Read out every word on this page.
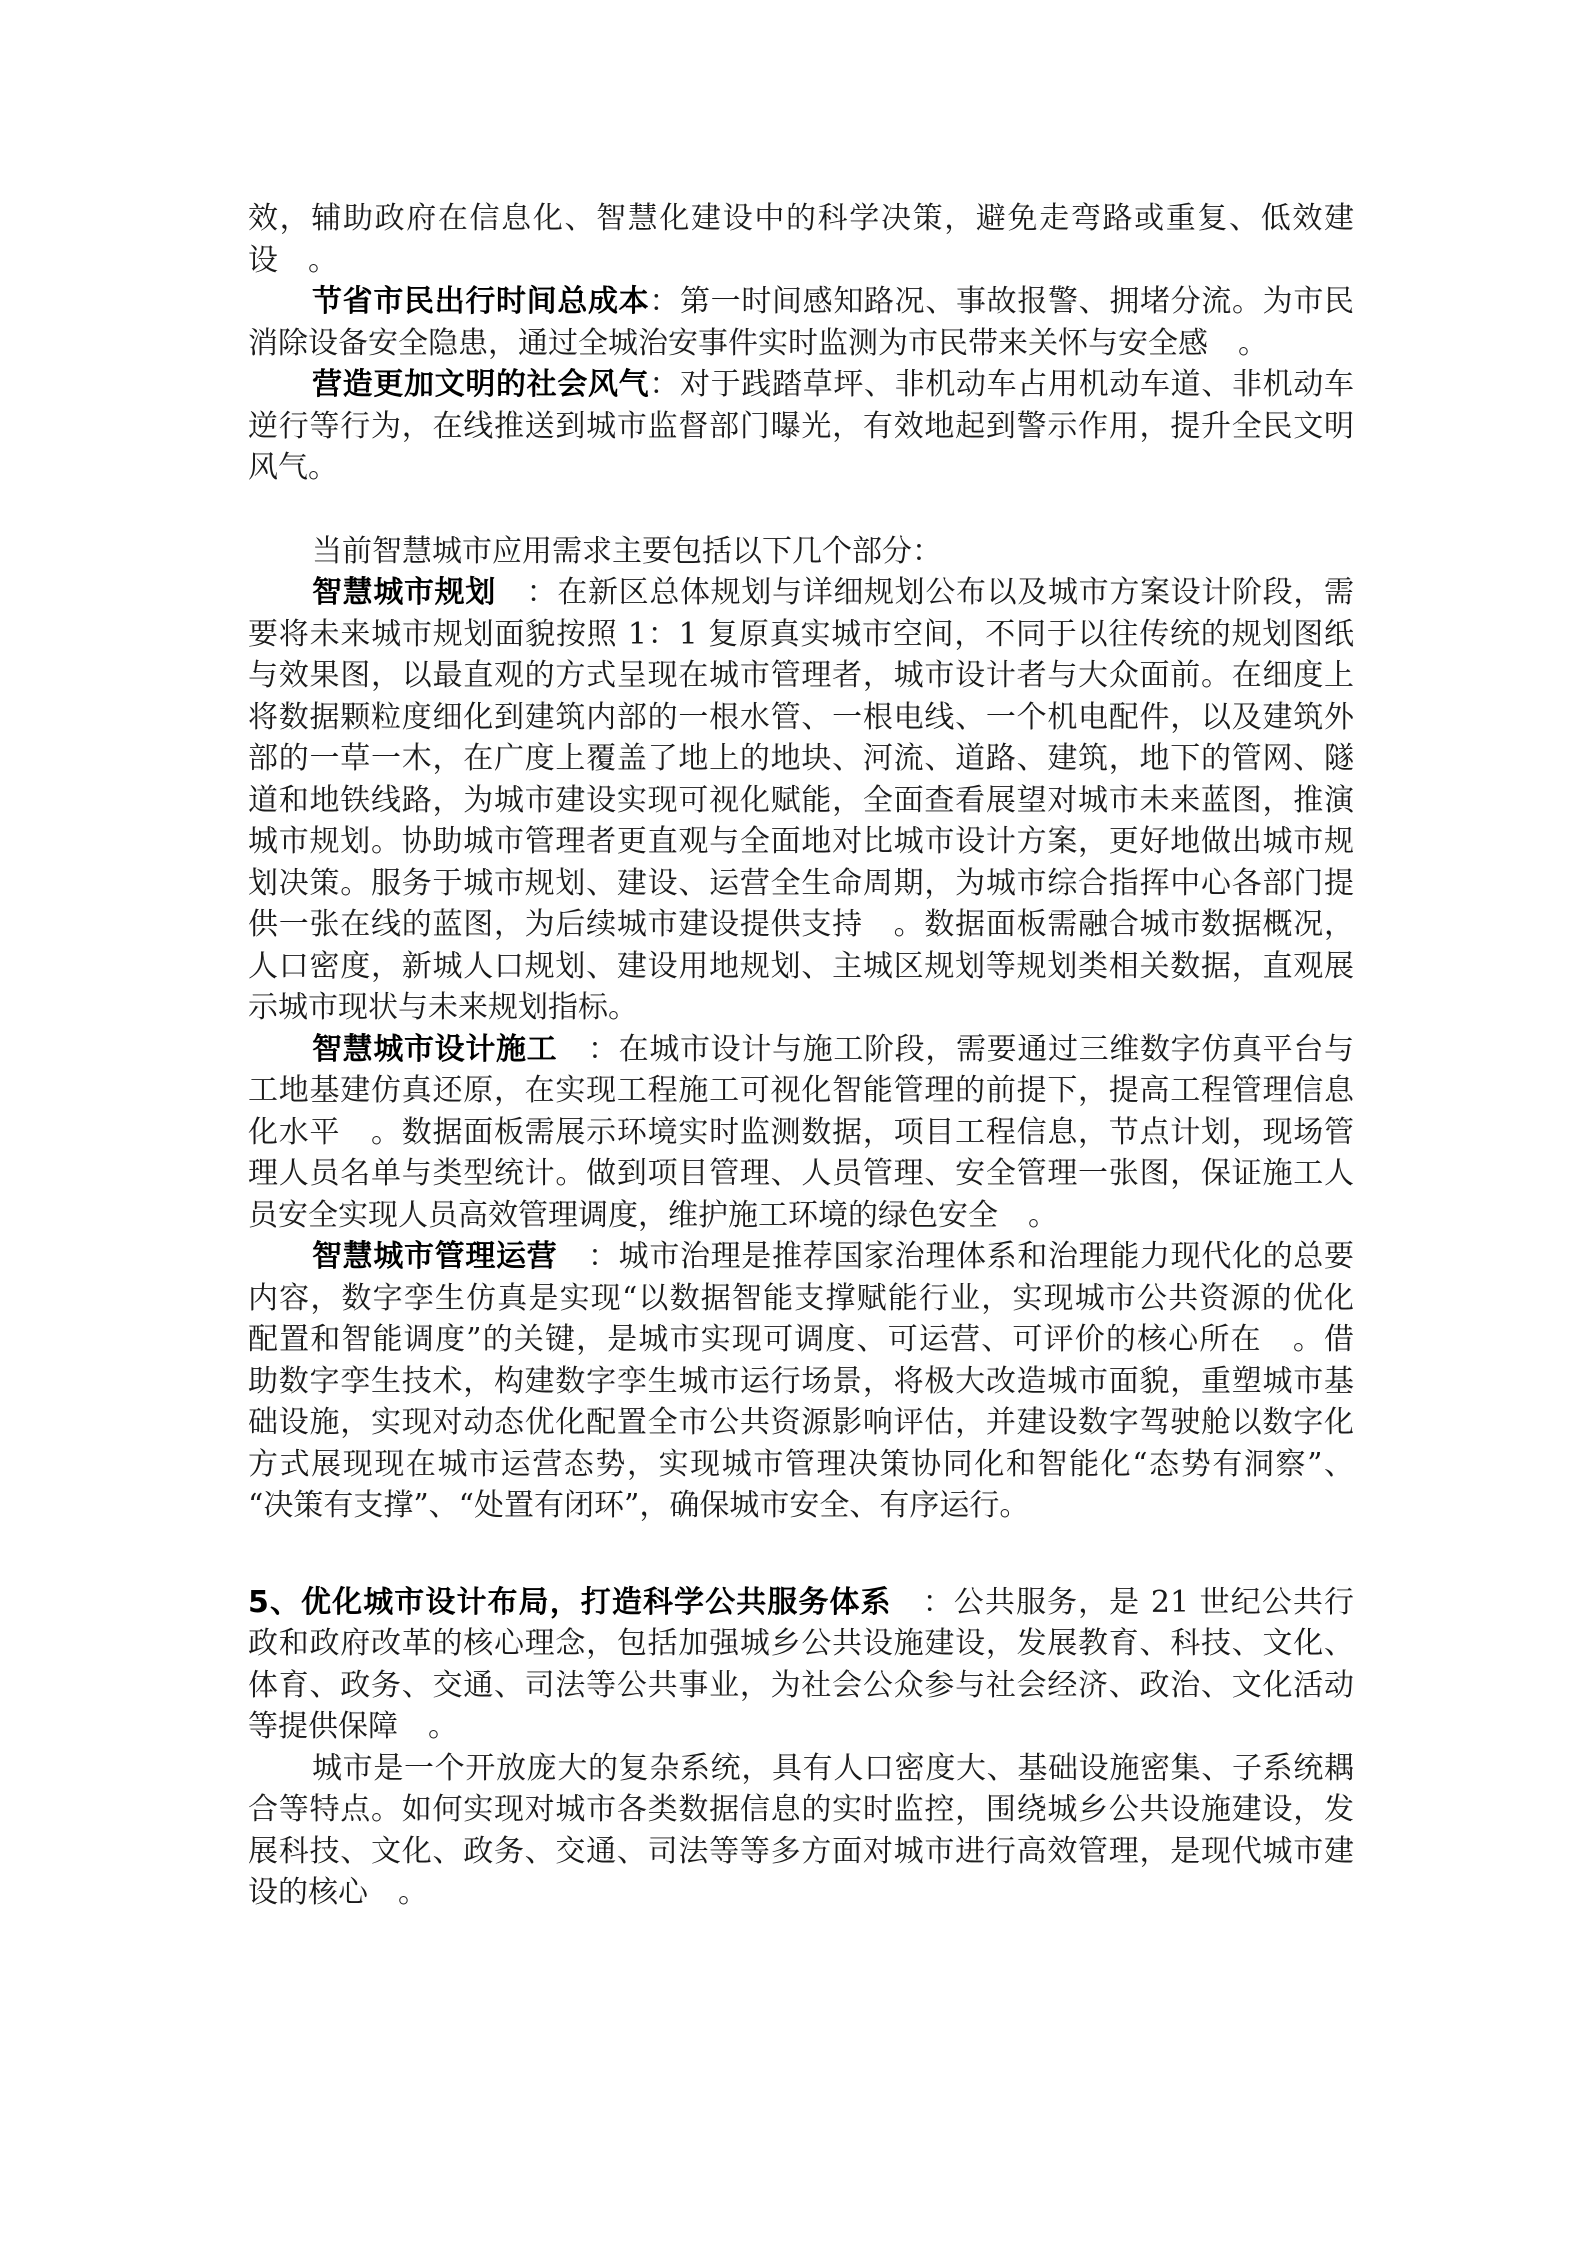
效，辅助政府在信息化、智慧化建设中的科学决策，避免走弯路或重复、低效建
设　。
节省市民出行时间总成本：第一时间感知路况、事故报警、拥堵分流。为市民
消除设备安全隐患，通过全城治安事件实时监测为市民带来关怀与安全感　。
营造更加文明的社会风气：对于践踏草坪、非机动车占用机动车道、非机动车
逆行等行为，在线推送到城市监督部门曝光，有效地起到警示作用，提升全民文明
风气。
当前智慧城市应用需求主要包括以下几个部分：
智慧城市规划　：在新区总体规划与详细规划公布以及城市方案设计阶段，需
要将未来城市规划面貌按照 1：1 复原真实城市空间，不同于以往传统的规划图纸
与效果图，以最直观的方式呈现在城市管理者，城市设计者与大众面前。在细度上
将数据颗粒度细化到建筑内部的一根水管、一根电线、一个机电配件，以及建筑外
部的一草一木，在广度上覆盖了地上的地块、河流、道路、建筑，地下的管网、隧
道和地铁线路，为城市建设实现可视化赋能，全面查看展望对城市未来蓝图，推演
城市规划。协助城市管理者更直观与全面地对比城市设计方案，更好地做出城市规
划决策。服务于城市规划、建设、运营全生命周期，为城市综合指挥中心各部门提
供一张在线的蓝图，为后续城市建设提供支持　。数据面板需融合城市数据概况，
人口密度，新城人口规划、建设用地规划、主城区规划等规划类相关数据，直观展
示城市现状与未来规划指标。
智慧城市设计施工　：在城市设计与施工阶段，需要通过三维数字仿真平台与
工地基建仿真还原，在实现工程施工可视化智能管理的前提下，提高工程管理信息
化水平　。数据面板需展示环境实时监测数据，项目工程信息，节点计划，现场管
理人员名单与类型统计。做到项目管理、人员管理、安全管理一张图，保证施工人
员安全实现人员高效管理调度，维护施工环境的绿色安全　。
智慧城市管理运营　：城市治理是推荐国家治理体系和治理能力现代化的总要
内容，数字孪生仿真是实现“以数据智能支撑赋能行业，实现城市公共资源的优化
配置和智能调度”的关键，是城市实现可调度、可运营、可评价的核心所在　。借
助数字孪生技术，构建数字孪生城市运行场景，将极大改造城市面貌，重塑城市基
础设施，实现对动态优化配置全市公共资源影响评估，并建设数字驾驶舱以数字化
方式展现现在城市运营态势，实现城市管理决策协同化和智能化“态势有洞察”、
“决策有支撑”、“处置有闭环”，确保城市安全、有序运行。
5、优化城市设计布局，打造科学公共服务体系　：公共服务，是 21 世纪公共行
政和政府改革的核心理念，包括加强城乡公共设施建设，发展教育、科技、文化、
体育、政务、交通、司法等公共事业，为社会公众参与社会经济、政治、文化活动
等提供保障　。
城市是一个开放庞大的复杂系统，具有人口密度大、基础设施密集、子系统耦
合等特点。如何实现对城市各类数据信息的实时监控，围绕城乡公共设施建设，发
展科技、文化、政务、交通、司法等等多方面对城市进行高效管理，是现代城市建
设的核心　。
